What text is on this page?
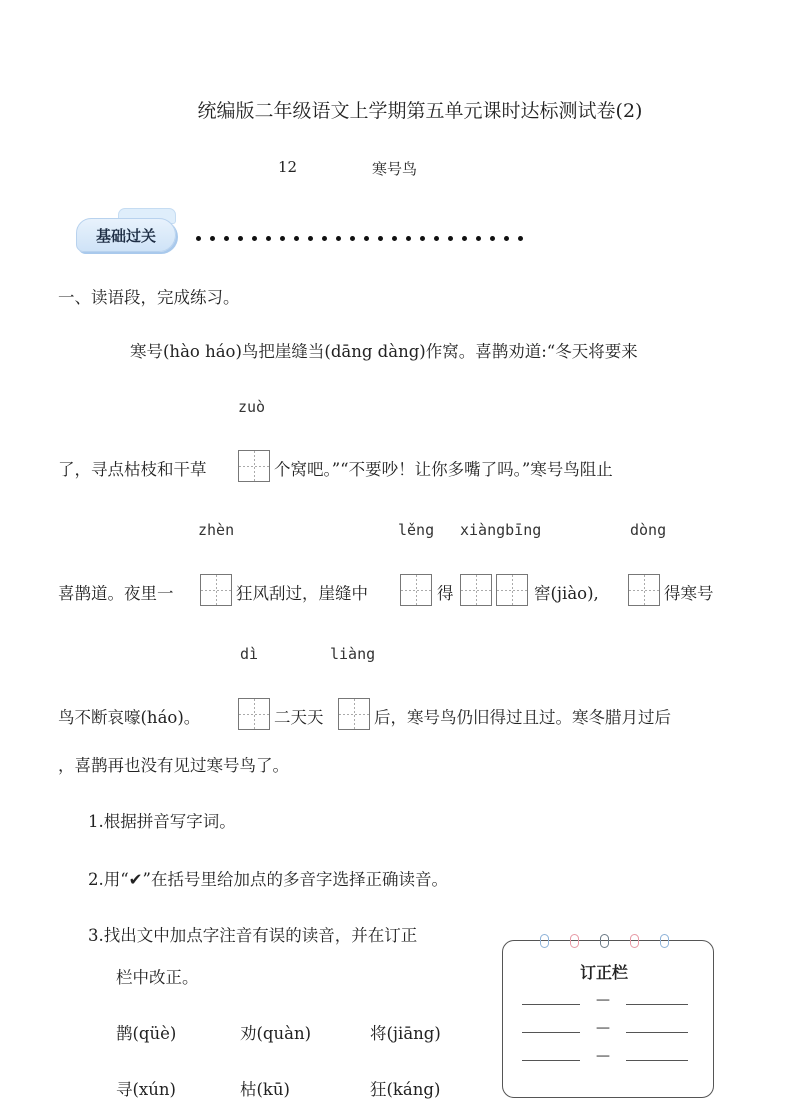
统编版二年级语文上学期第五单元课时达标测试卷(2)
12	寒号鸟
基础过关
一、读语段，完成练习。
寒号(hào háo)鸟把崖缝当(dāng dàng)作窝。喜鹊劝道:“冬天将要来
zuò
了，寻点枯枝和干草	个窝吧。”“不要吵！让你多嘴了吗。”寒号鸟阻止
zhèn	lěng xiàngbīng	dòng
喜鹊道。夜里一	狂风刮过，崖缝中	得	窖(jiào),	得寒号
dì	liàng
鸟不断哀嚎(háo)。	二天天	后，寒号鸟仍旧得过且过。寒冬腊月过后
，喜鹊再也没有见过寒号鸟了。
1.根据拼音写字词。
2.用“✔”在括号里给加点的多音字选择正确读音。
3.找出文中加点字注音有误的读音，并在订正
栏中改正。
鹊(qüè)	劝(quàn)	将(jiāng)
寻(xún)	枯(kū)	狂(káng)
订正栏
—
—
—
